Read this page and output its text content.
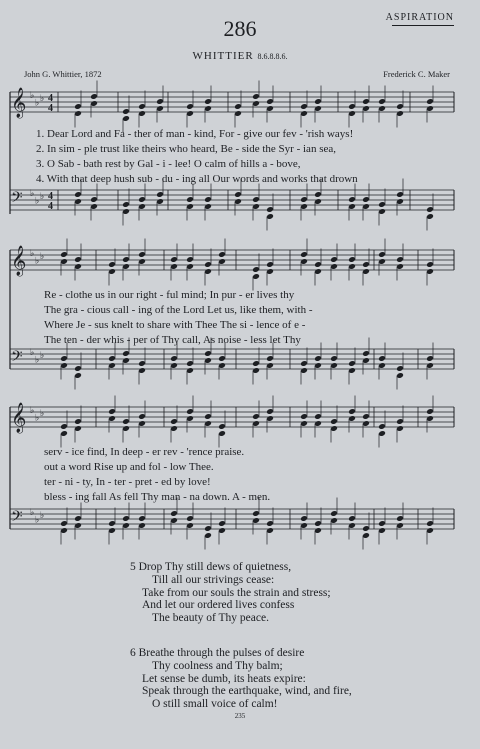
286	ASPIRATION
WHITTIER 8.6.8.8.6.
John G. Whittier, 1872	Frederick C. Maker
𝄞 ♭
♭ ♭ 4
4
𝄢 ♭
♭ ♭ 4
4
𝄞 ♭
♭ ♭
𝄢 ♭
♭ ♭
𝄞 ♭
♭ ♭
𝄢 ♭
♭ ♭
1. Dear Lord and Fa - ther of man - kind, For - give our fev - 'rish ways!
2. In sim - ple trust like theirs who heard, Be - side the Syr - ian sea,
3. O Sab - bath rest by Gal - i - lee! O calm of hills a - bove,
4. With that deep hush sub - du - ing all Our words and works that drown
Re - clothe us in our right - ful mind; In pur - er lives thy
The gra - cious call - ing of the Lord Let us, like them, with -
Where Je - sus knelt to share with Thee The si - lence of e -
The ten - der whis - per of Thy call, As noise - less let Thy
serv - ice find, In deep - er rev - 'rence praise.
out a word Rise up and fol - low Thee.
ter - ni - ty, In - ter - pret - ed by love!
bless - ing fall As fell Thy man - na down. A - men.
5 Drop Thy still dews of quietness,
Till all our strivings cease:
Take from our souls the strain and stress;
And let our ordered lives confess
The beauty of Thy peace.
6 Breathe through the pulses of desire
Thy coolness and Thy balm;
Let sense be dumb, its heats expire:
Speak through the earthquake, wind, and fire,
O still small voice of calm!
235
